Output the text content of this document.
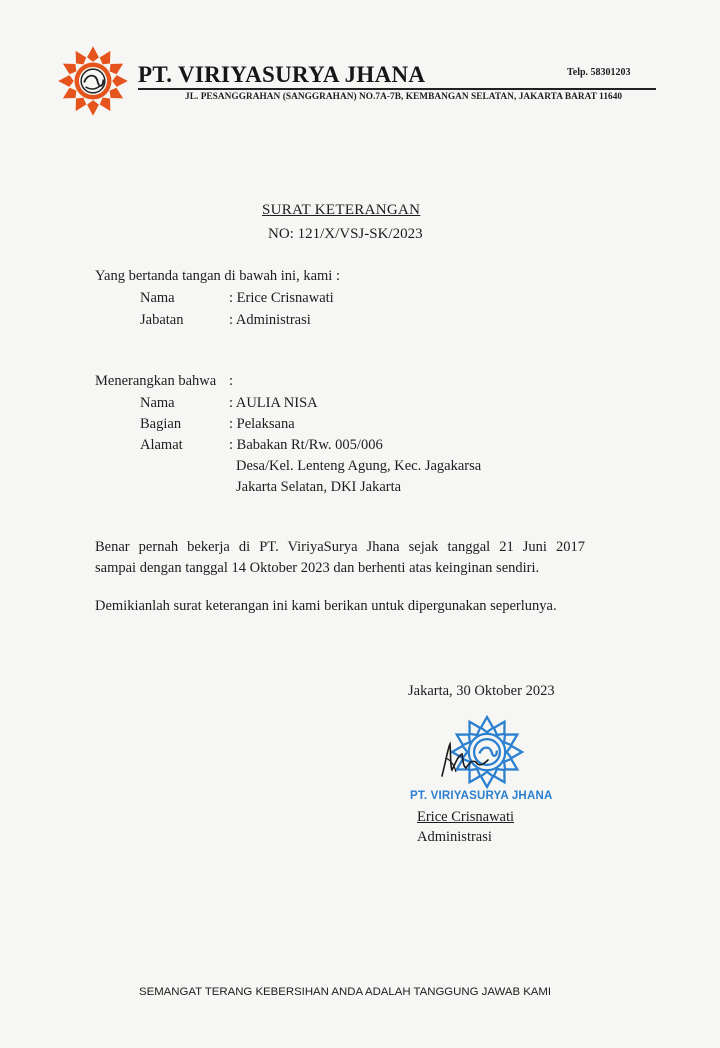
PT. VIRIYASURYA JHANA	Telp. 58301203
JL. PESANGGRAHAN (SANGGRAHAN) NO.7A-7B, KEMBANGAN SELATAN, JAKARTA BARAT 11640
SURAT KETERANGAN
NO: 121/X/VSJ-SK/2023
Yang bertanda tangan di bawah ini, kami :
Nama	: Erice Crisnawati
Jabatan	: Administrasi
Menerangkan bahwa :
Nama	: AULIA NISA
Bagian	: Pelaksana
Alamat	: Babakan Rt/Rw. 005/006
Desa/Kel. Lenteng Agung, Kec. Jagakarsa
Jakarta Selatan, DKI Jakarta
Benar pernah bekerja di PT. ViriyaSurya Jhana sejak tanggal 21 Juni 2017
sampai dengan tanggal 14 Oktober 2023 dan berhenti atas keinginan sendiri.
Demikianlah surat keterangan ini kami berikan untuk dipergunakan seperlunya.
Jakarta, 30 Oktober 2023
PT. VIRIYASURYA JHANA
Erice Crisnawati
Administrasi
SEMANGAT TERANG KEBERSIHAN ANDA ADALAH TANGGUNG JAWAB KAMI
